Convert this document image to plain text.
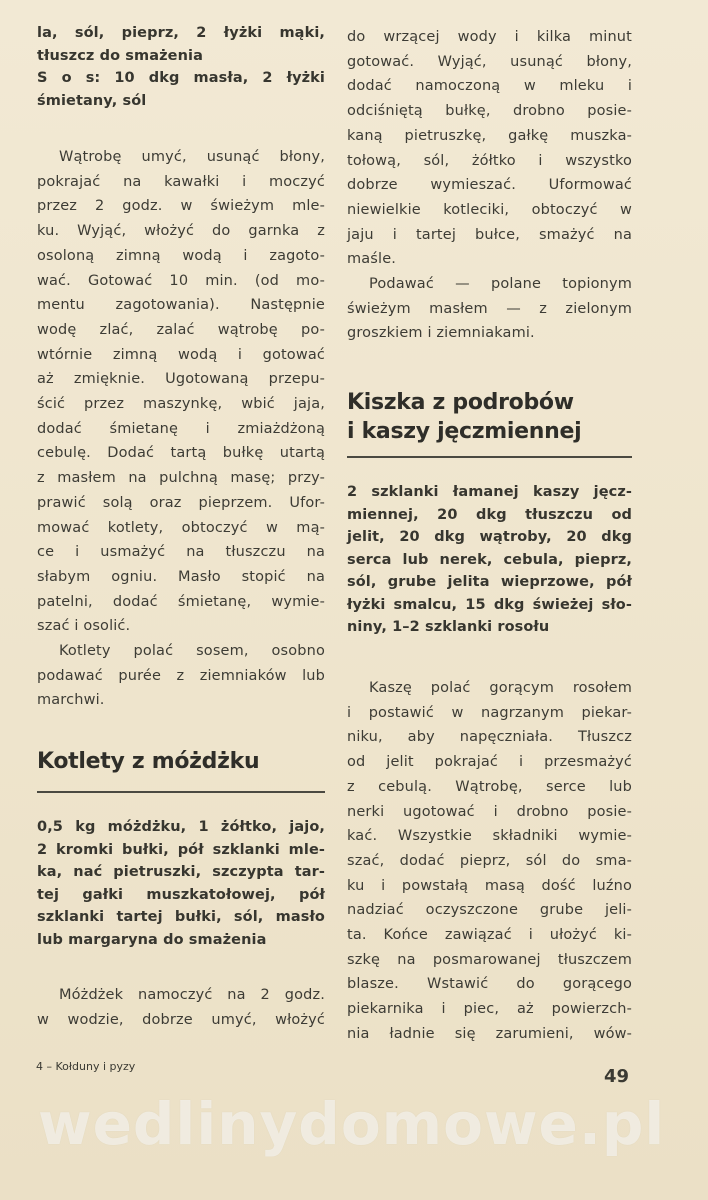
la, sól, pieprz, 2 łyżki mąki,
tłuszcz do smażenia
S o s: 10 dkg masła, 2 łyżki
śmietany, sól
Wątrobę umyć, usunąć błony,
pokrajać na kawałki i moczyć
przez 2 godz. w świeżym mle-
ku. Wyjąć, włożyć do garnka z
osoloną zimną wodą i zagoto-
wać. Gotować 10 min. (od mo-
mentu zagotowania). Następnie
wodę zlać, zalać wątrobę po-
wtórnie zimną wodą i gotować
aż zmięknie. Ugotowaną przepu-
ścić przez maszynkę, wbić jaja,
dodać śmietanę i zmiażdżoną
cebulę. Dodać tartą bułkę utartą
z masłem na pulchną masę; przy-
prawić solą oraz pieprzem. Ufor-
mować kotlety, obtoczyć w mą-
ce i usmażyć na tłuszczu na
słabym ogniu. Masło stopić na
patelni, dodać śmietanę, wymie-
szać i osolić.
Kotlety polać sosem, osobno
podawać purée z ziemniaków lub
marchwi.
Kotlety z móżdżku
0,5 kg móżdżku, 1 żółtko, jajo,
2 kromki bułki, pół szklanki mle-
ka, nać pietruszki, szczypta tar-
tej gałki muszkatołowej, pół
szklanki tartej bułki, sól, masło
lub margaryna do smażenia
Móżdżek namoczyć na 2 godz.
w wodzie, dobrze umyć, włożyć
do wrzącej wody i kilka minut
gotować. Wyjąć, usunąć błony,
dodać namoczoną w mleku i
odciśniętą bułkę, drobno posie-
kaną pietruszkę, gałkę muszka-
tołową, sól, żółtko i wszystko
dobrze wymieszać. Uformować
niewielkie kotleciki, obtoczyć w
jaju i tartej bułce, smażyć na
maśle.
Podawać — polane topionym
świeżym masłem — z zielonym
groszkiem i ziemniakami.
Kiszka z podrobów
i kaszy jęczmiennej
2 szklanki łamanej kaszy jęcz-
miennej, 20 dkg tłuszczu od
jelit, 20 dkg wątroby, 20 dkg
serca lub nerek, cebula, pieprz,
sól, grube jelita wieprzowe, pół
łyżki smalcu, 15 dkg świeżej sło-
niny, 1–2 szklanki rosołu
Kaszę polać gorącym rosołem
i postawić w nagrzanym piekar-
niku, aby napęczniała. Tłuszcz
od jelit pokrajać i przesmażyć
z cebulą. Wątrobę, serce lub
nerki ugotować i drobno posie-
kać. Wszystkie składniki wymie-
szać, dodać pieprz, sól do sma-
ku i powstałą masą dość luźno
nadziać oczyszczone grube jeli-
ta. Końce zawiązać i ułożyć ki-
szkę na posmarowanej tłuszczem
blasze. Wstawić do gorącego
piekarnika i piec, aż powierzch-
nia ładnie się zarumieni, wów-
4 – Kołduny i pyzy	49
wedlinydomowe.pl
